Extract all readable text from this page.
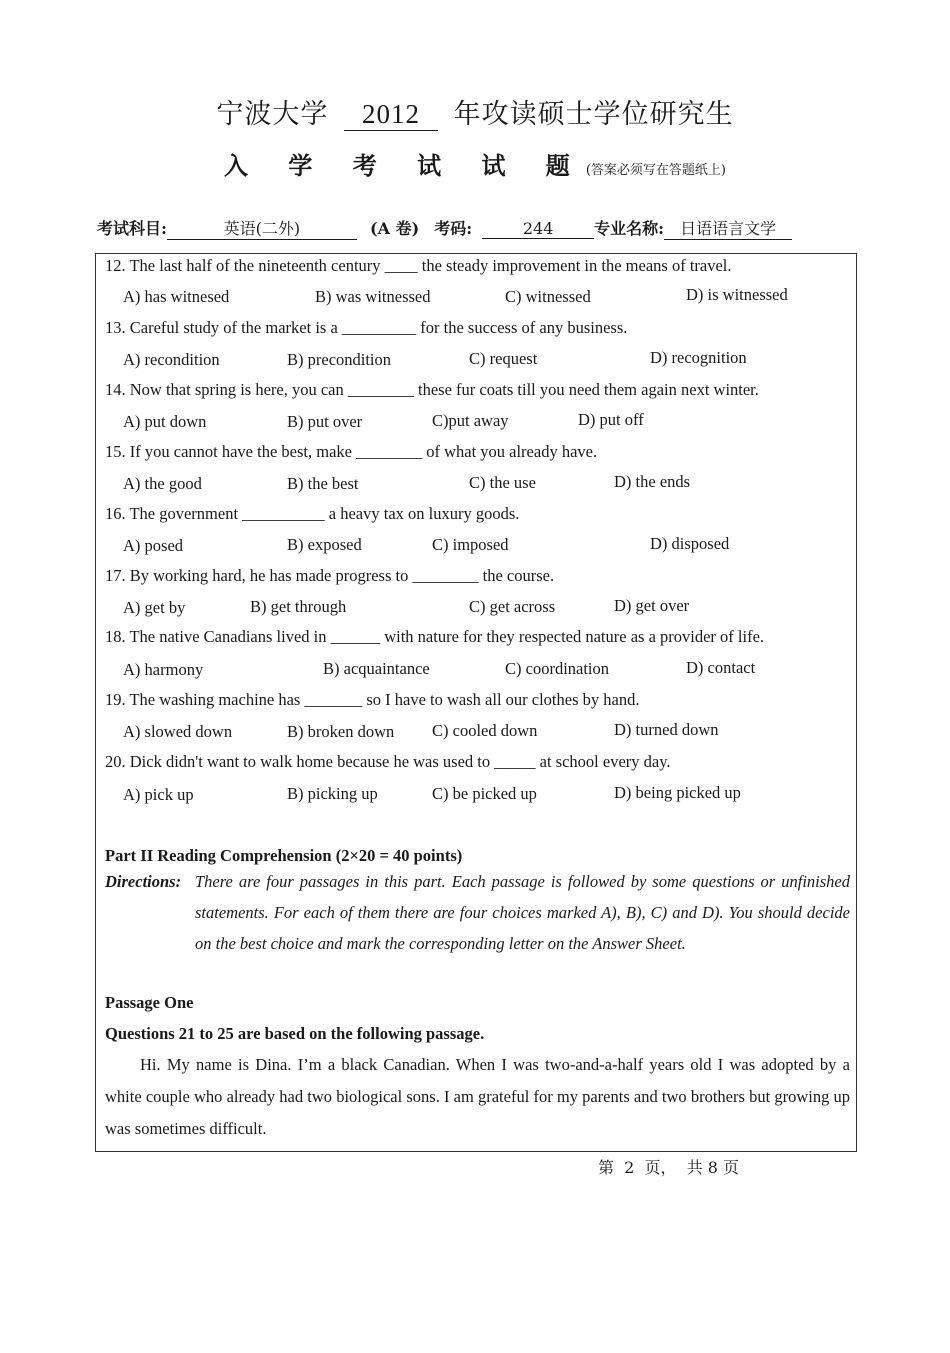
宁波大学 2012 年攻读硕士学位研究生
入 学 考 试 试 题(答案必须写在答题纸上)
考试科目:	英语(二外)	(A 卷) 考码:	244	专业名称: 日语语言文学
12. The last half of the nineteenth century ____ the steady improvement in the means of travel.
A) has witnesed	B) was witnessed	C) witnessed	D) is witnessed
13. Careful study of the market is a _________ for the success of any business.
A) recondition	B) precondition	C) request	D) recognition
14. Now that spring is here, you can ________ these fur coats till you need them again next winter.
A) put down	B) put over	C)put away	D) put off
15. If you cannot have the best, make ________ of what you already have.
A) the good	B) the best	C) the use	D) the ends
16. The government __________ a heavy tax on luxury goods.
A) posed	B) exposed	C) imposed	D) disposed
17. By working hard, he has made progress to ________ the course.
A) get by	B) get through	C) get across	D) get over
18. The native Canadians lived in ______ with nature for they respected nature as a provider of life.
A) harmony	B) acquaintance	C) coordination	D) contact
19. The washing machine has _______ so I have to wash all our clothes by hand.
A) slowed down	B) broken down C) cooled down	D) turned down
20. Dick didn't want to walk home because he was used to _____ at school every day.
A) pick up	B) picking up	C) be picked up	D) being picked up
Part II Reading Comprehension (2×20 = 40 points)
Directions: There are four passages in this part. Each passage is followed by some questions or unfinished statements. For each of them there are four choices marked A), B), C) and D). You should decide on the best choice and mark the corresponding letter on the Answer Sheet.
Passage One
Questions 21 to 25 are based on the following passage.

Hi. My name is Dina. I’m a black Canadian. When I was two-and-a-half years old I was adopted by a white couple who already had two biological sons. I am grateful for my parents and two brothers but growing up was sometimes difficult.

第  2  页，  共 8 页
